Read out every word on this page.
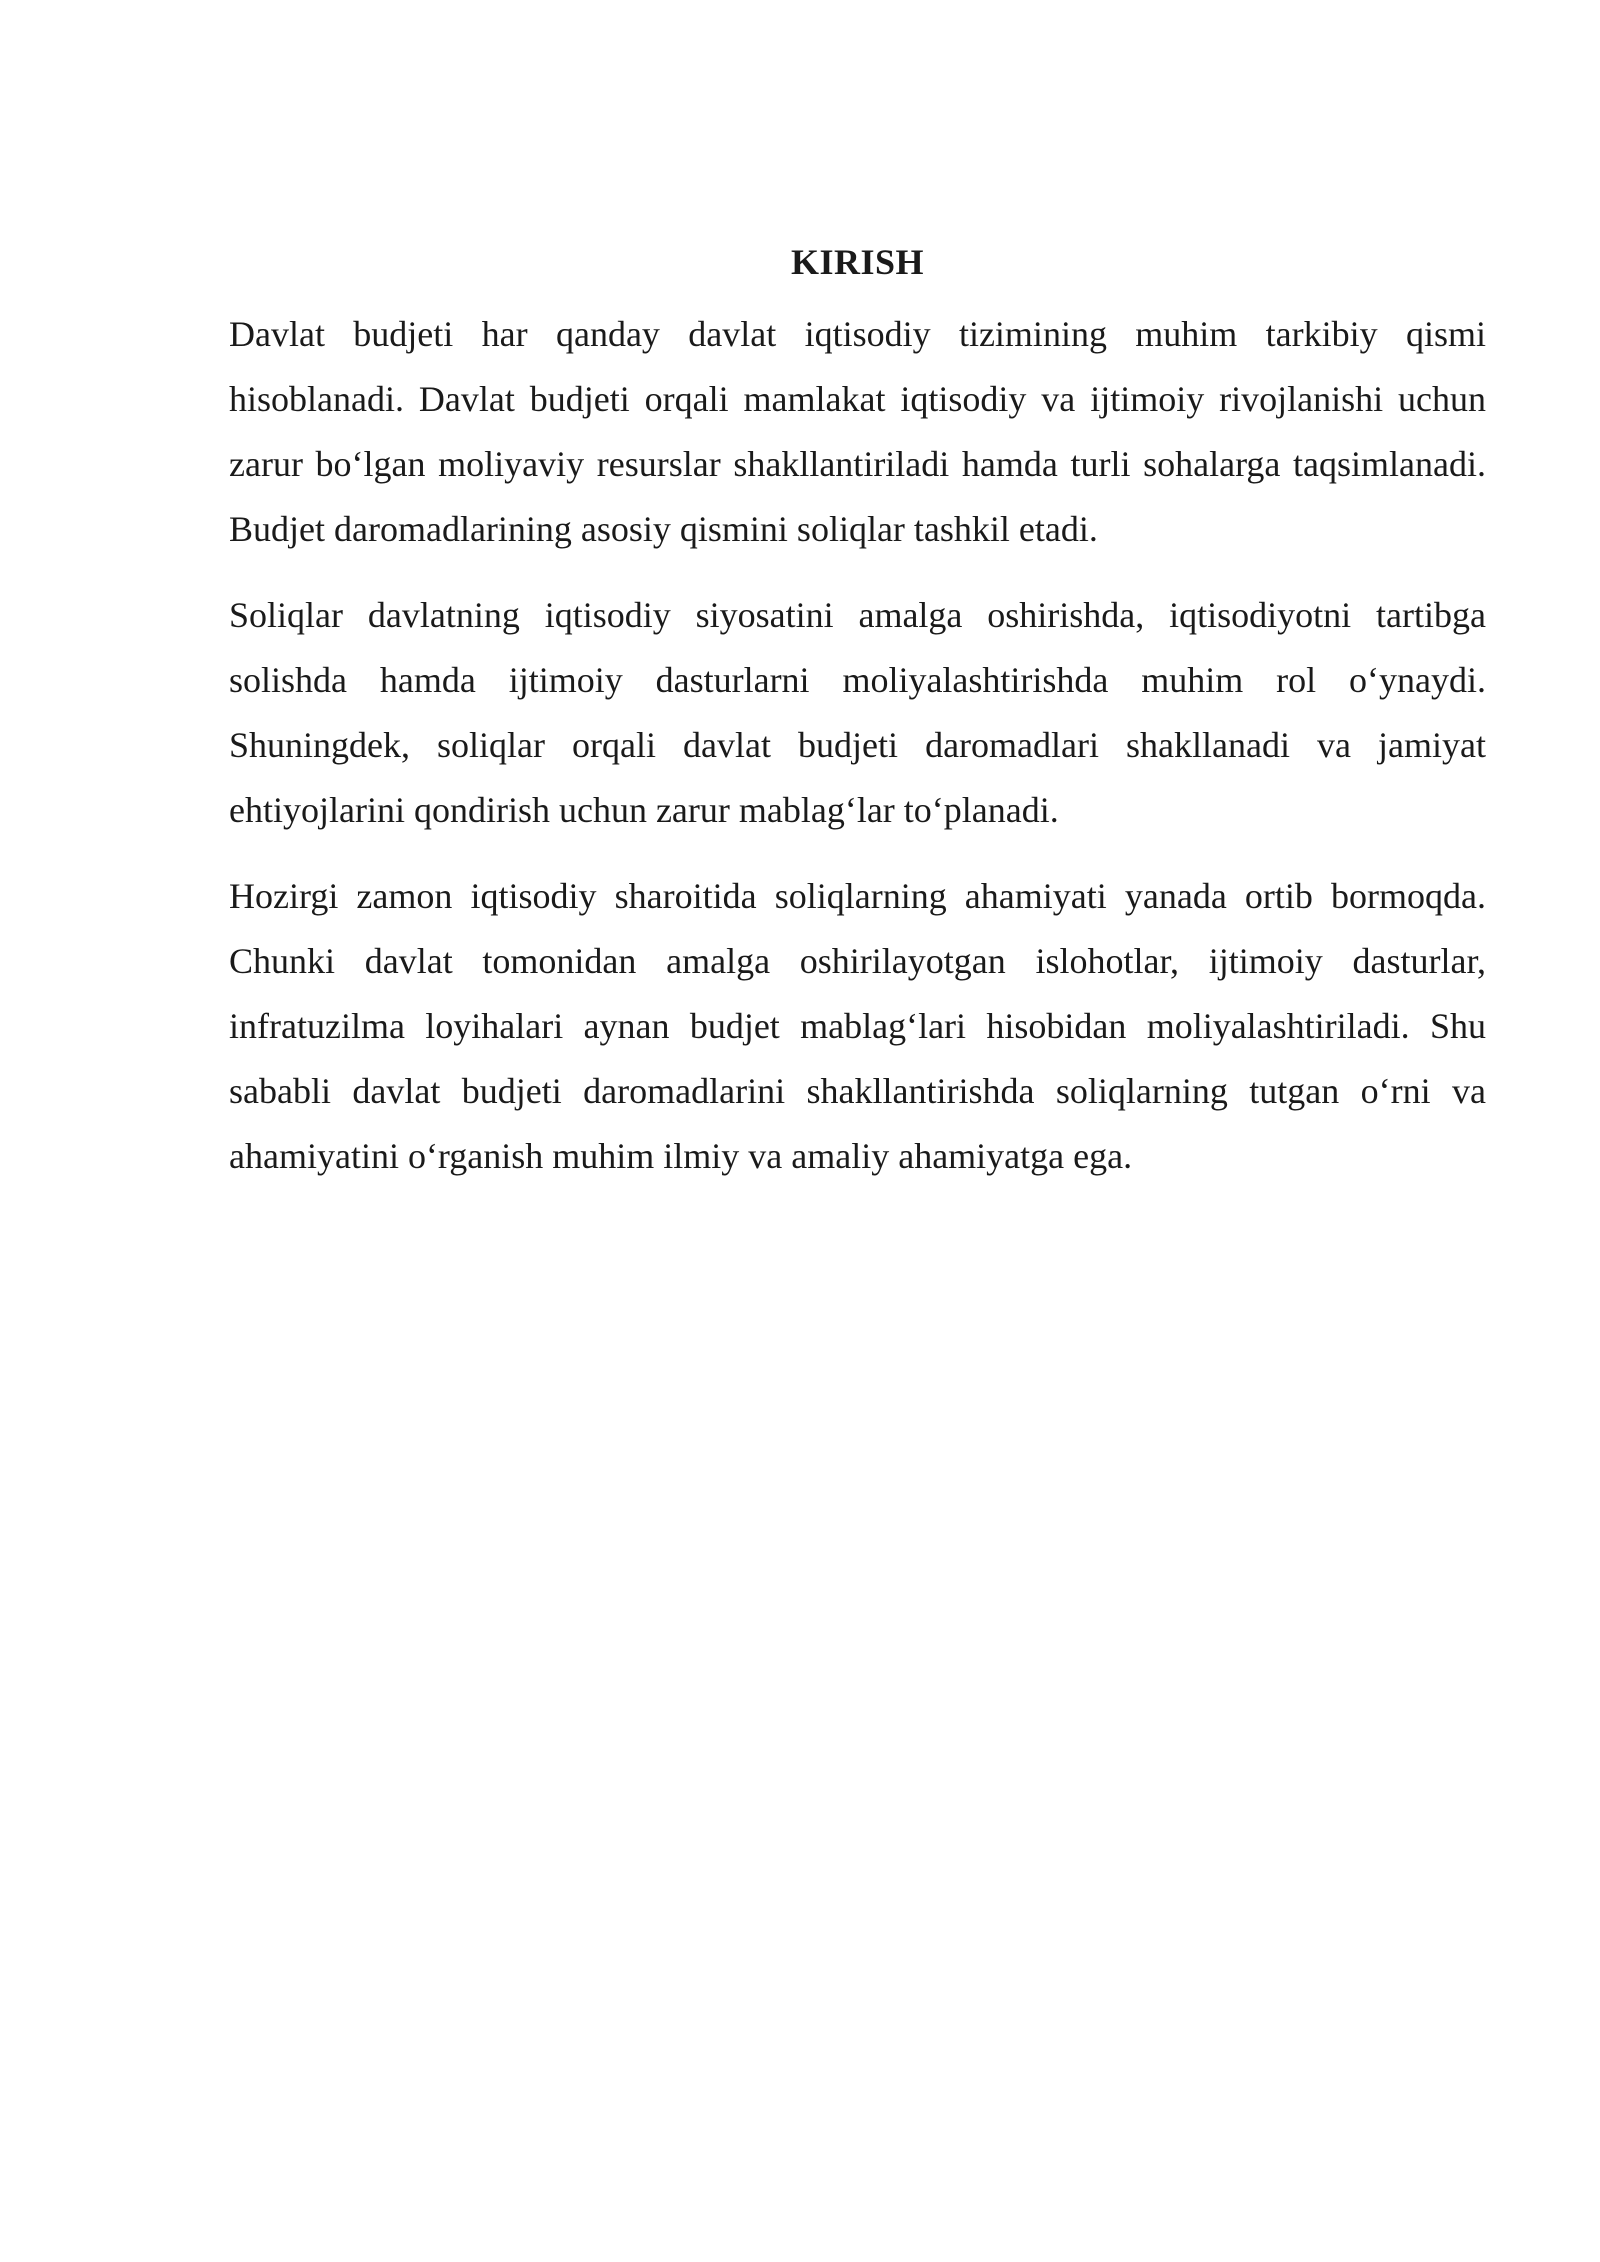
KIRISH

Davlat budjeti har qanday davlat iqtisodiy tizimining muhim tarkibiy qismi hisoblanadi. Davlat budjeti orqali mamlakat iqtisodiy va ijtimoiy rivojlanishi uchun zarur bo‘lgan moliyaviy resurslar shakllantiriladi hamda turli sohalarga taqsimlanadi. Budjet daromadlarining asosiy qismini soliqlar tashkil etadi.

Soliqlar davlatning iqtisodiy siyosatini amalga oshirishda, iqtisodiyotni tartibga solishda hamda ijtimoiy dasturlarni moliyalashtirishda muhim rol o‘ynaydi. Shuningdek, soliqlar orqali davlat budjeti daromadlari shakllanadi va jamiyat ehtiyojlarini qondirish uchun zarur mablag‘lar to‘planadi.

Hozirgi zamon iqtisodiy sharoitida soliqlarning ahamiyati yanada ortib bormoqda. Chunki davlat tomonidan amalga oshirilayotgan islohotlar, ijtimoiy dasturlar, infratuzilma loyihalari aynan budjet mablag‘lari hisobidan moliyalashtiriladi. Shu sababli davlat budjeti daromadlarini shakllantirishda soliqlarning tutgan o‘rni va ahamiyatini o‘rganish muhim ilmiy va amaliy ahamiyatga ega.
